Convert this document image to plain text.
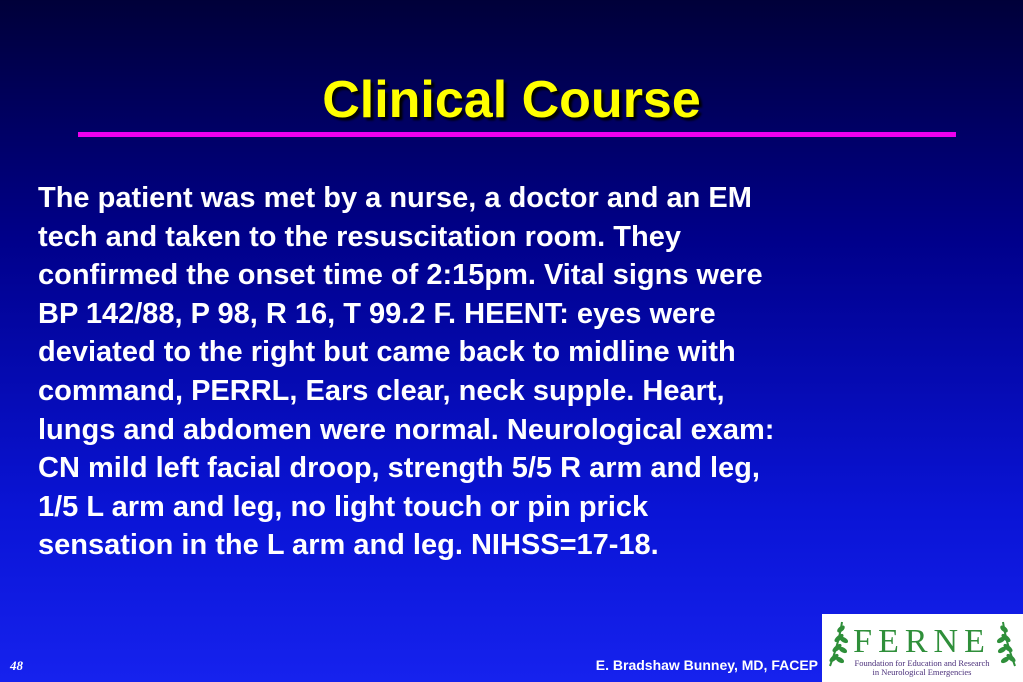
Clinical Course

The patient was met by a nurse, a doctor and an EM
tech and taken to the resuscitation room. They
confirmed the onset time of 2:15pm. Vital signs were
BP 142/88, P 98, R 16, T 99.2 F. HEENT: eyes were
deviated to the right but came back to midline with
command, PERRL, Ears clear, neck supple. Heart,
lungs and abdomen were normal. Neurological exam:
CN mild left facial droop, strength 5/5 R arm and leg,
1/5 L arm and leg, no light touch or pin prick
sensation in the L arm and leg. NIHSS=17-18.

48	E. Bradshaw Bunney, MD, FACEP
FERNE
Foundation for Education and Research
in Neurological Emergencies
